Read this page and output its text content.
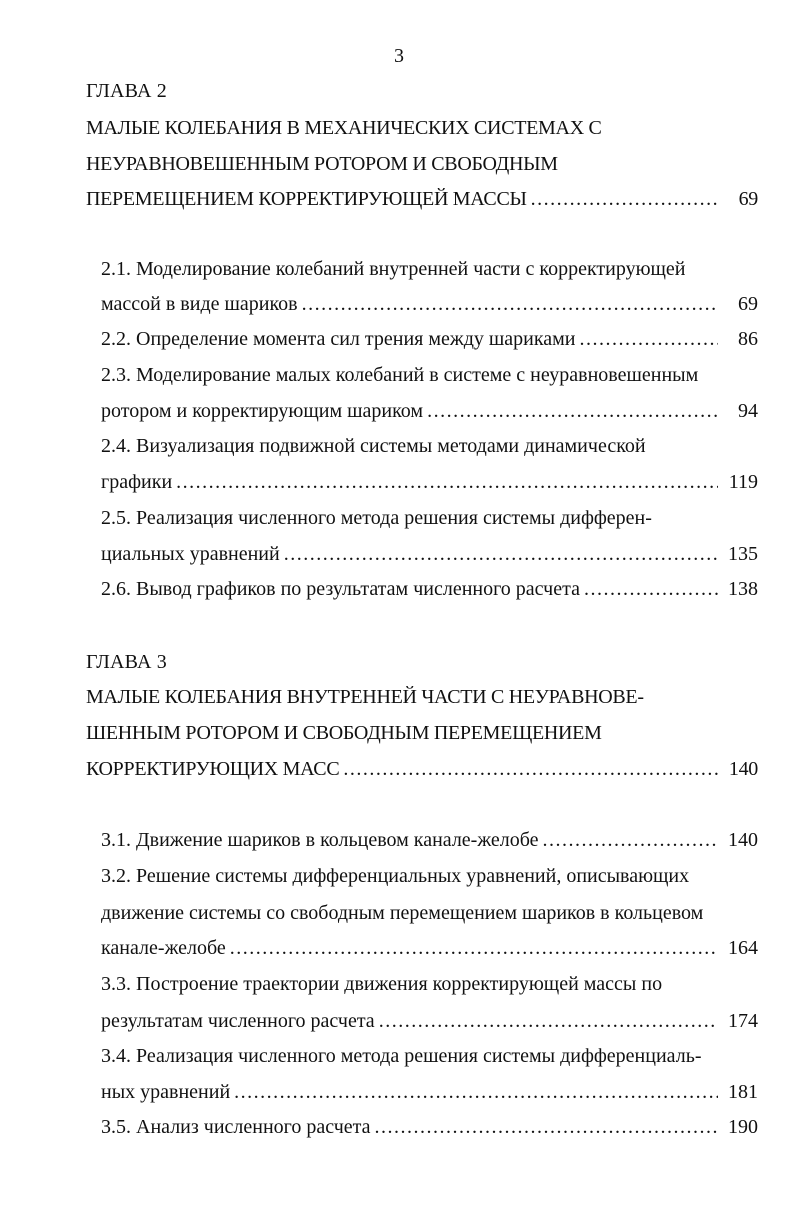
3
ГЛАВА 2
МАЛЫЕ КОЛЕБАНИЯ В МЕХАНИЧЕСКИХ СИСТЕМАХ С
НЕУРАВНОВЕШЕННЫМ РОТОРОМ И СВОБОДНЫМ
ПЕРЕМЕЩЕНИЕМ КОРРЕКТИРУЮЩЕЙ МАССЫ .....	69
2.1. Моделирование колебаний внутренней части с корректирующей
массой в виде шариков .....	69
2.2. Определение момента сил трения между шариками .....	86
2.3. Моделирование малых колебаний в системе с неуравновешенным
ротором и корректирующим шариком .....	94
2.4. Визуализация подвижной системы методами динамической
графики .....	119
2.5. Реализация численного метода решения системы дифферен-
циальных уравнений .....	135
2.6. Вывод графиков по результатам численного расчета .....	138
ГЛАВА 3
МАЛЫЕ КОЛЕБАНИЯ ВНУТРЕННЕЙ ЧАСТИ С НЕУРАВНОВЕ-
ШЕННЫМ РОТОРОМ И СВОБОДНЫМ ПЕРЕМЕЩЕНИЕМ
КОРРЕКТИРУЮЩИХ МАСС .....	140
3.1. Движение шариков в кольцевом канале-желобе .....	140
3.2. Решение системы дифференциальных уравнений, описывающих
движение системы со свободным перемещением шариков в кольцевом
канале-желобе .....	164
3.3. Построение траектории движения корректирующей массы по
результатам численного расчета .....	174
3.4. Реализация численного метода решения системы дифференциаль-
ных уравнений .....	181
3.5. Анализ численного расчета .....	190
